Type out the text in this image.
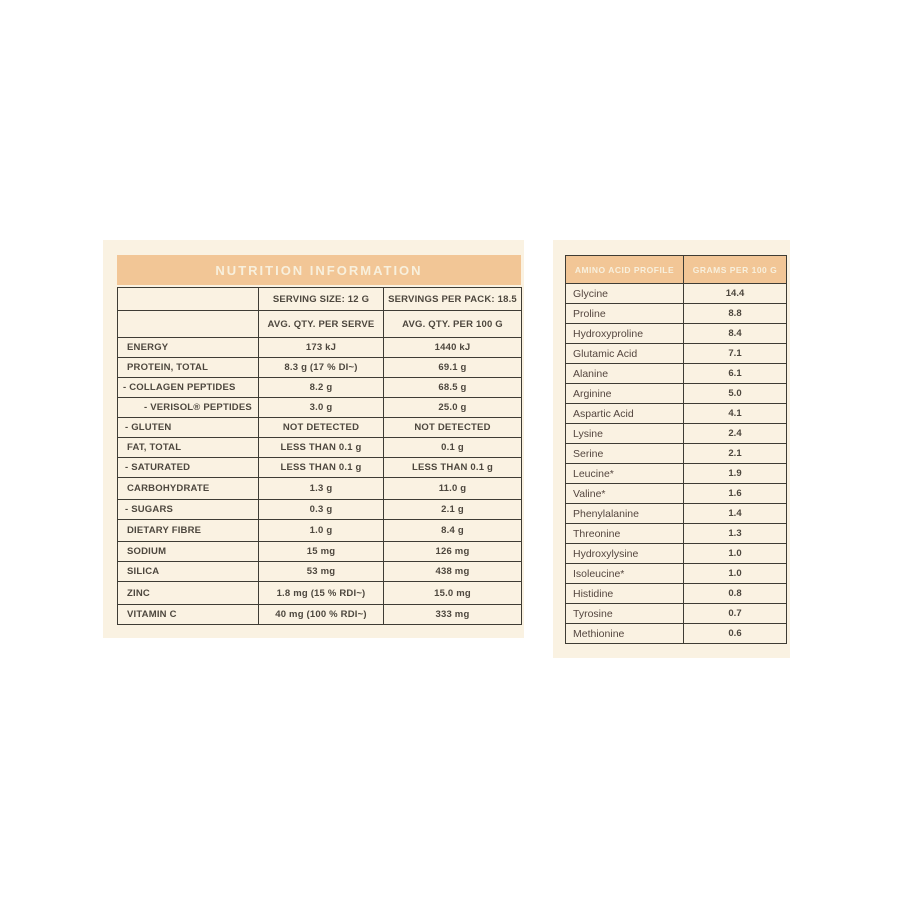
NUTRITION INFORMATION
	SERVING SIZE: 12 G	SERVINGS PER PACK: 18.5
	AVG. QTY. PER SERVE	AVG. QTY. PER 100 G
ENERGY	173 kJ	1440 kJ
PROTEIN, TOTAL	8.3 g (17 % DI~)	69.1 g
- COLLAGEN PEPTIDES	8.2 g	68.5 g
- VERISOL® PEPTIDES	3.0 g	25.0 g
- GLUTEN	NOT DETECTED	NOT DETECTED
FAT, TOTAL	LESS THAN 0.1 g	0.1 g
- SATURATED	LESS THAN 0.1 g	LESS THAN 0.1 g
CARBOHYDRATE	1.3 g	11.0 g
- SUGARS	0.3 g	2.1 g
DIETARY FIBRE	1.0 g	8.4 g
SODIUM	15 mg	126 mg
SILICA	53 mg	438 mg
ZINC	1.8 mg (15 % RDI~)	15.0 mg
VITAMIN C	40 mg (100 % RDI~)	333 mg
AMINO ACID PROFILE	GRAMS PER 100 G
Glycine	14.4
Proline	8.8
Hydroxyproline	8.4
Glutamic Acid	7.1
Alanine	6.1
Arginine	5.0
Aspartic Acid	4.1
Lysine	2.4
Serine	2.1
Leucine*	1.9
Valine*	1.6
Phenylalanine	1.4
Threonine	1.3
Hydroxylysine	1.0
Isoleucine*	1.0
Histidine	0.8
Tyrosine	0.7
Methionine	0.6
